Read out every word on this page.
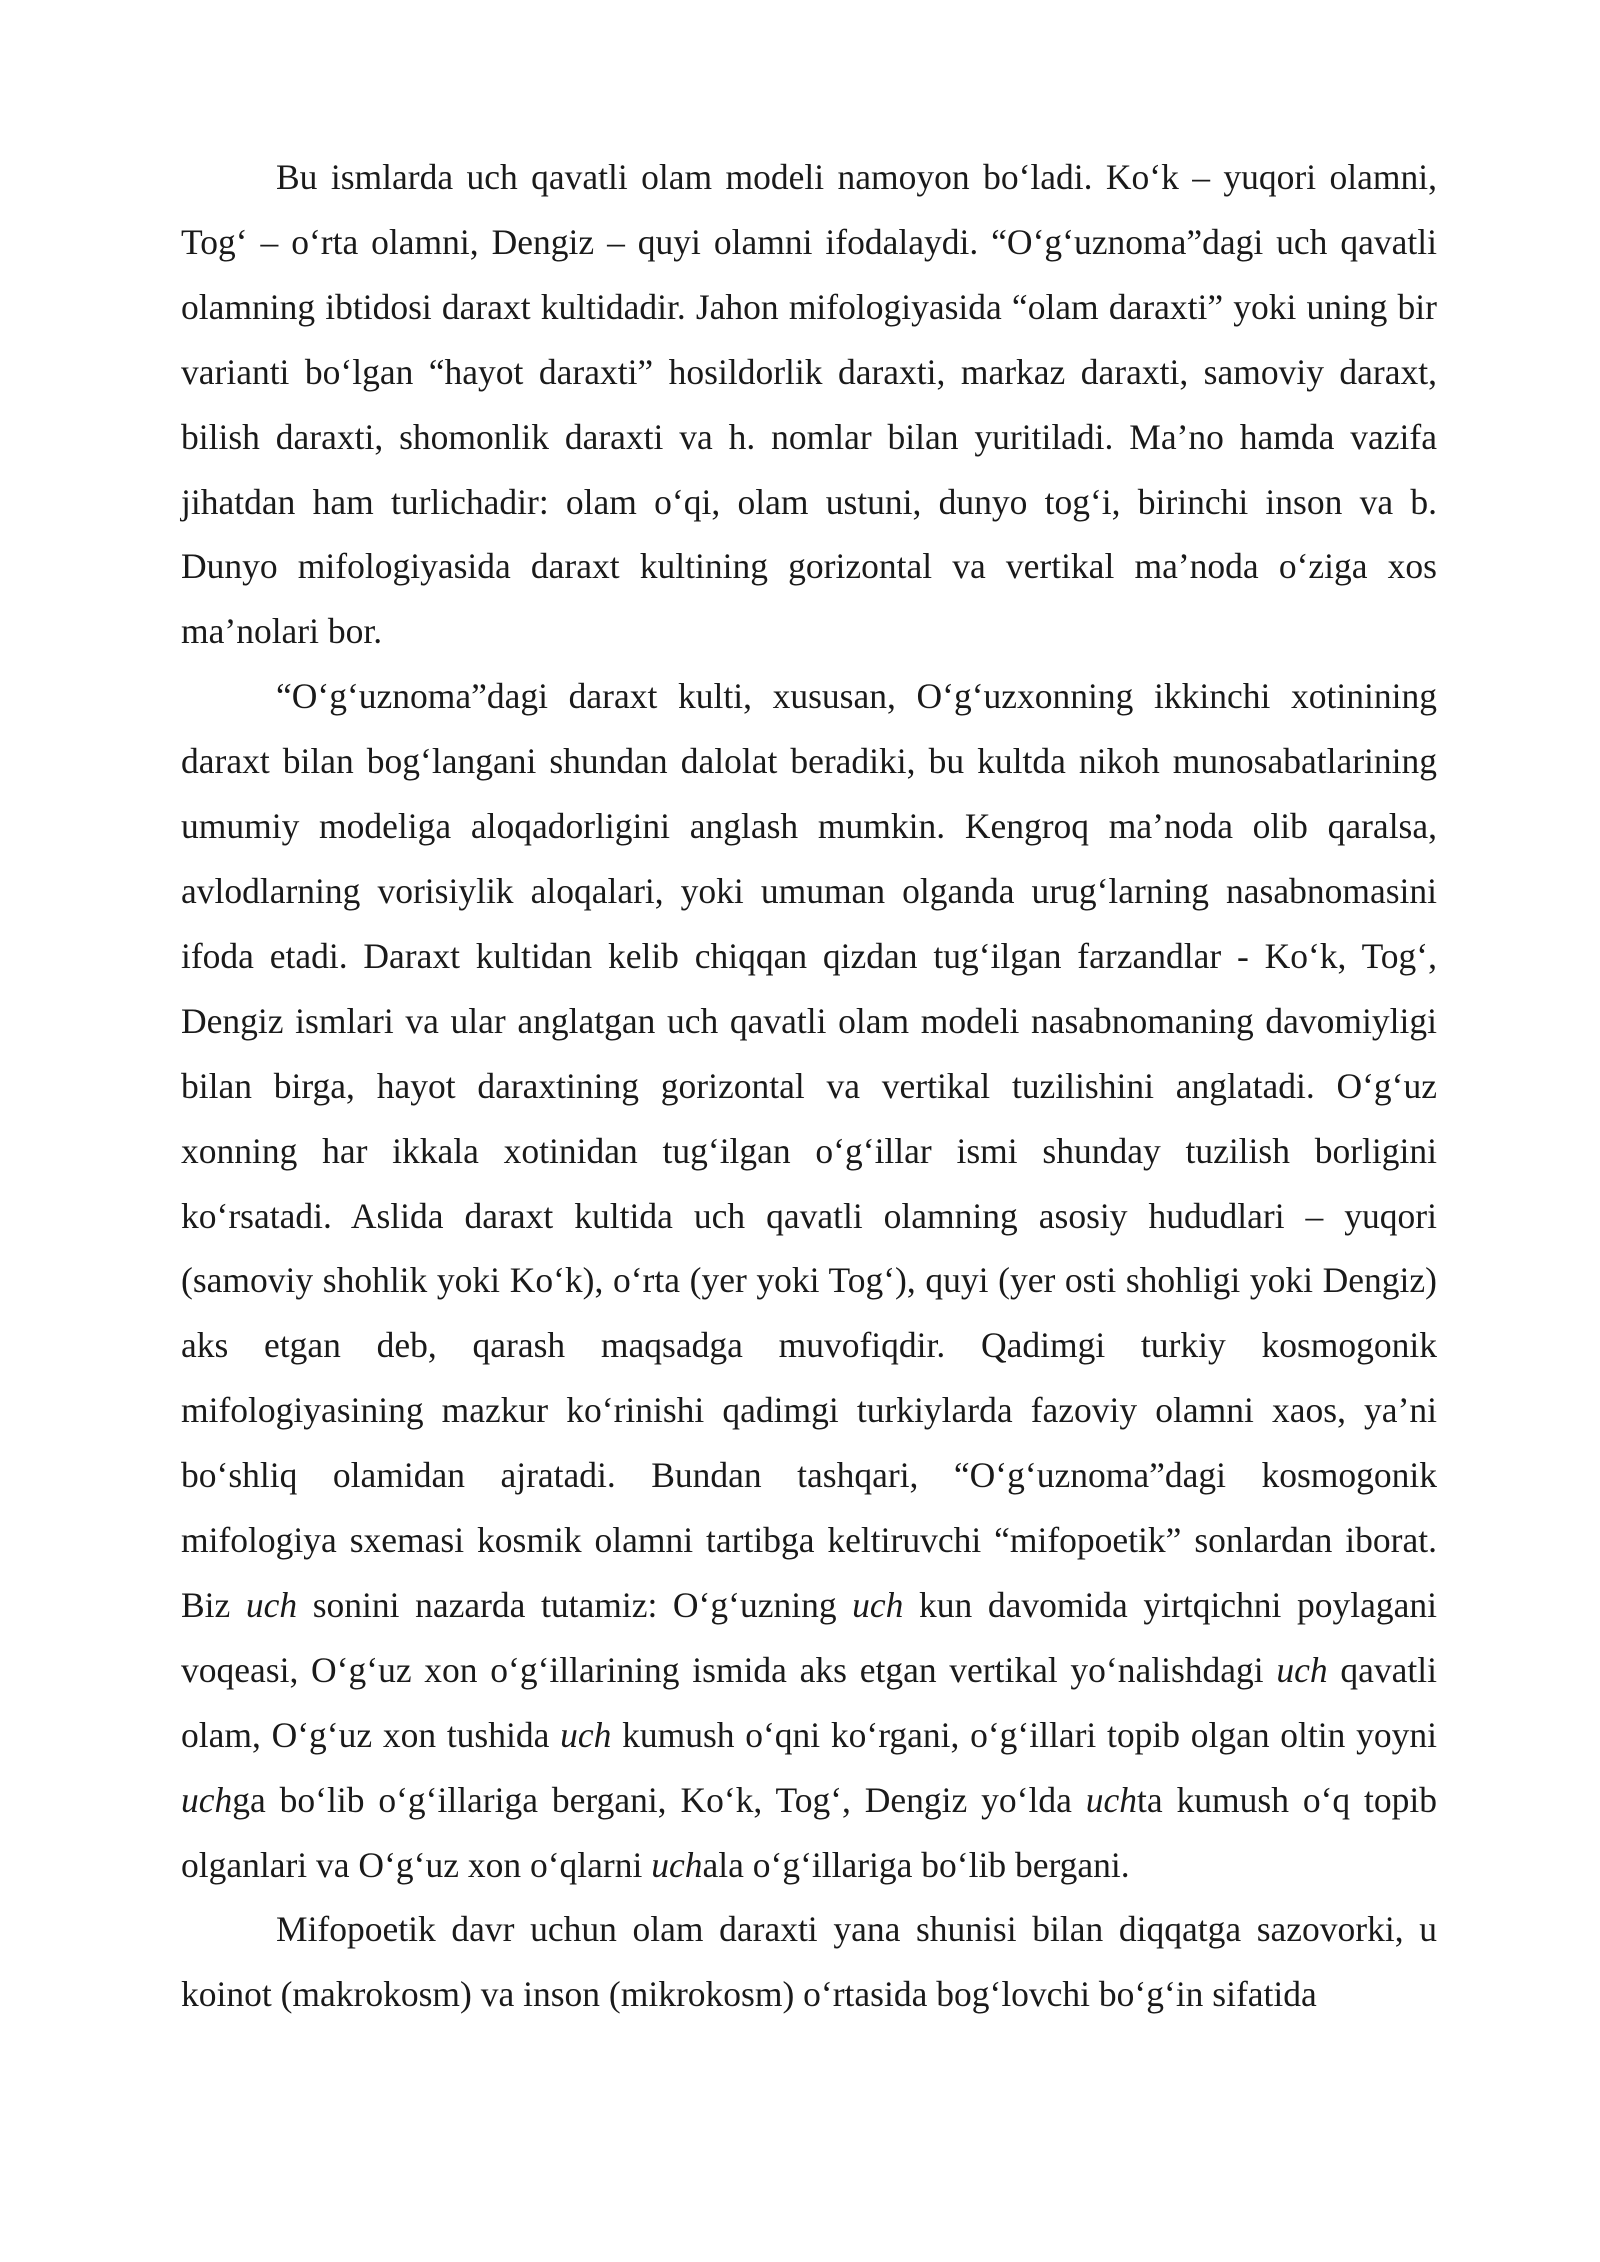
Bu ismlarda uch qavatli olam modeli namoyon bo‘ladi. Ko‘k – yuqori olamni, Tog‘ – o‘rta olamni, Dengiz – quyi olamni ifodalaydi. “O‘g‘uznoma”dagi uch qavatli olamning ibtidosi daraxt kultidadir. Jahon mifologiyasida “olam daraxti” yoki uning bir varianti bo‘lgan “hayot daraxti” hosildorlik daraxti, markaz daraxti, samoviy daraxt, bilish daraxti, shomonlik daraxti va h. nomlar bilan yuritiladi. Ma’no hamda vazifa jihatdan ham turlichadir: olam o‘qi, olam ustuni, dunyo tog‘i, birinchi inson va b. Dunyo mifologiyasida daraxt kultining gorizontal va vertikal ma’noda o‘ziga xos ma’nolari bor.

“O‘g‘uznoma”dagi daraxt kulti, xususan, O‘g‘uzxonning ikkinchi xotinining daraxt bilan bog‘langani shundan dalolat beradiki, bu kultda nikoh munosabatlarining umumiy modeliga aloqadorligini anglash mumkin. Kengroq ma’noda olib qaralsa, avlodlarning vorisiylik aloqalari, yoki umuman olganda urug‘larning nasabnomasini ifoda etadi. Daraxt kultidan kelib chiqqan qizdan tug‘ilgan farzandlar - Ko‘k, Tog‘, Dengiz ismlari va ular anglatgan uch qavatli olam modeli nasabnomaning davomiyligi bilan birga, hayot daraxtining gorizontal va vertikal tuzilishini anglatadi. O‘g‘uz xonning har ikkala xotinidan tug‘ilgan o‘g‘illar ismi shunday tuzilish borligini ko‘rsatadi. Aslida daraxt kultida uch qavatli olamning asosiy hududlari – yuqori (samoviy shohlik yoki Ko‘k), o‘rta (yer yoki Tog‘), quyi (yer osti shohligi yoki Dengiz) aks etgan deb, qarash maqsadga muvofiqdir. Qadimgi turkiy kosmogonik mifologiyasining mazkur ko‘rinishi qadimgi turkiylarda fazoviy olamni xaos, ya’ni bo‘shliq olamidan ajratadi. Bundan tashqari, “O‘g‘uznoma”dagi kosmogonik mifologiya sxemasi kosmik olamni tartibga keltiruvchi “mifopoetik” sonlardan iborat. Biz uch sonini nazarda tutamiz: O‘g‘uzning uch kun davomida yirtqichni poylagani voqeasi, O‘g‘uz xon o‘g‘illarining ismida aks etgan vertikal yo‘nalishdagi uch qavatli olam, O‘g‘uz xon tushida uch kumush o‘qni ko‘rgani, o‘g‘illari topib olgan oltin yoyni uchga bo‘lib o‘g‘illariga bergani, Ko‘k, Tog‘, Dengiz yo‘lda uchta kumush o‘q topib olganlari va O‘g‘uz xon o‘qlarni uchala o‘g‘illariga bo‘lib bergani.

Mifopoetik davr uchun olam daraxti yana shunisi bilan diqqatga sazovorki, u koinot (makrokosm) va inson (mikrokosm) o‘rtasida bog‘lovchi bo‘g‘in sifatida
